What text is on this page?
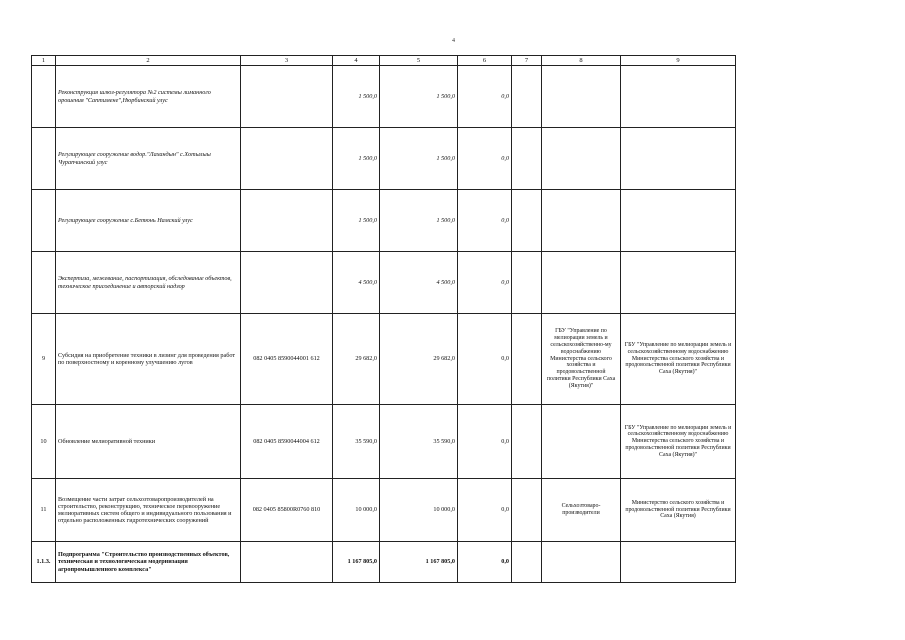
4
1	2	3	4	5	6	7	8	9
	Реконструкция шлюз-регулятора №2 системы лиманного орошения "Саптимене",Нюрбинский улус		1 500,0	1 500,0	0,0			
	Регулирующее сооружение водор."Лахандын" с.Хотылыы Чурапчинский улус		1 500,0	1 500,0	0,0			
	Регулирующее сооружение с.Бетюнь Намский улус		1 500,0	1 500,0	0,0			
	Экспертиза, межевание, паспортизация, обследование объектов, техническое присоединение и авторский надзор		4 500,0	4 500,0	0,0			
9	Субсидия на приобретение техники в лизинг для проведения работ по поверхностному и коренному улучшению лугов	082 0405 8590044001 612	29 682,0	29 682,0	0,0		ГБУ "Управление по мелиорации земель и сельскохозяйственно-му водоснабжению Министерства сельского хозяйства и продовольственной политики Республики Саха (Якутия)"	ГБУ "Управление по мелиорации земель и сельскохозяйственному водоснабжению Министерства сельского хозяйства и продовольственной политики Республики Саха (Якутия)"
10	Обновление мелиоративной техники	082 0405 8590044004 612	35 590,0	35 590,0	0,0			ГБУ "Управление по мелиорации земель и сельскохозяйственному водоснабжению Министерства сельского хозяйства и продовольственной политики Республики Саха (Якутия)"
11	Возмещение части затрат сельхозтоваропроизводителей на строительство, реконструкцию, техническое перевооружение мелиоративных систем общего и индивидуального пользования и отдельно расположенных гидротехнических сооружений	082 0405 85800R0760 810	10 000,0	10 000,0	0,0		Сельхозтоваро-производители	Министерство сельского хозяйства и продовольственной политики Республики Саха (Якутия)
1.1.3.	Подпрограмма "Строительство производственных объектов, техническая и технологическая модернизация агропромышленного комплекса"		1 167 805,0	1 167 805,0	0,0			
